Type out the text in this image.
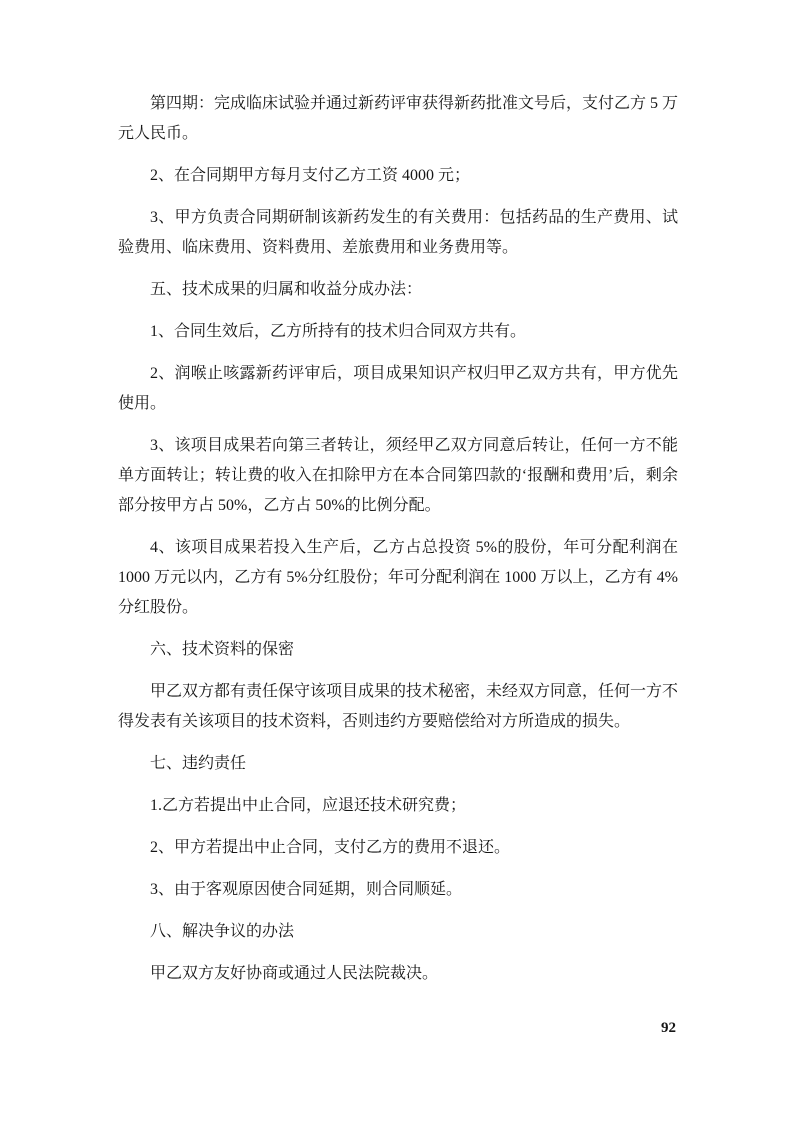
第四期：完成临床试验并通过新药评审获得新药批准文号后，支付乙方 5 万元人民币。

2、在合同期甲方每月支付乙方工资 4000 元；

3、甲方负责合同期研制该新药发生的有关费用：包括药品的生产费用、试验费用、临床费用、资料费用、差旅费用和业务费用等。

五、技术成果的归属和收益分成办法：

1、合同生效后，乙方所持有的技术归合同双方共有。

2、润喉止咳露新药评审后，项目成果知识产权归甲乙双方共有，甲方优先使用。

3、该项目成果若向第三者转让，须经甲乙双方同意后转让，任何一方不能单方面转让；转让费的收入在扣除甲方在本合同第四款的‘报酬和费用’后，剩余部分按甲方占 50%，乙方占 50%的比例分配。

4、该项目成果若投入生产后，乙方占总投资 5%的股份，年可分配利润在 1000 万元以内，乙方有 5%分红股份；年可分配利润在 1000 万以上，乙方有 4%分红股份。

六、技术资料的保密

甲乙双方都有责任保守该项目成果的技术秘密，未经双方同意，任何一方不得发表有关该项目的技术资料，否则违约方要赔偿给对方所造成的损失。

七、违约责任

1.乙方若提出中止合同，应退还技术研究费；

2、甲方若提出中止合同，支付乙方的费用不退还。

3、由于客观原因使合同延期，则合同顺延。

八、解决争议的办法

甲乙双方友好协商或通过人民法院裁决。

92
